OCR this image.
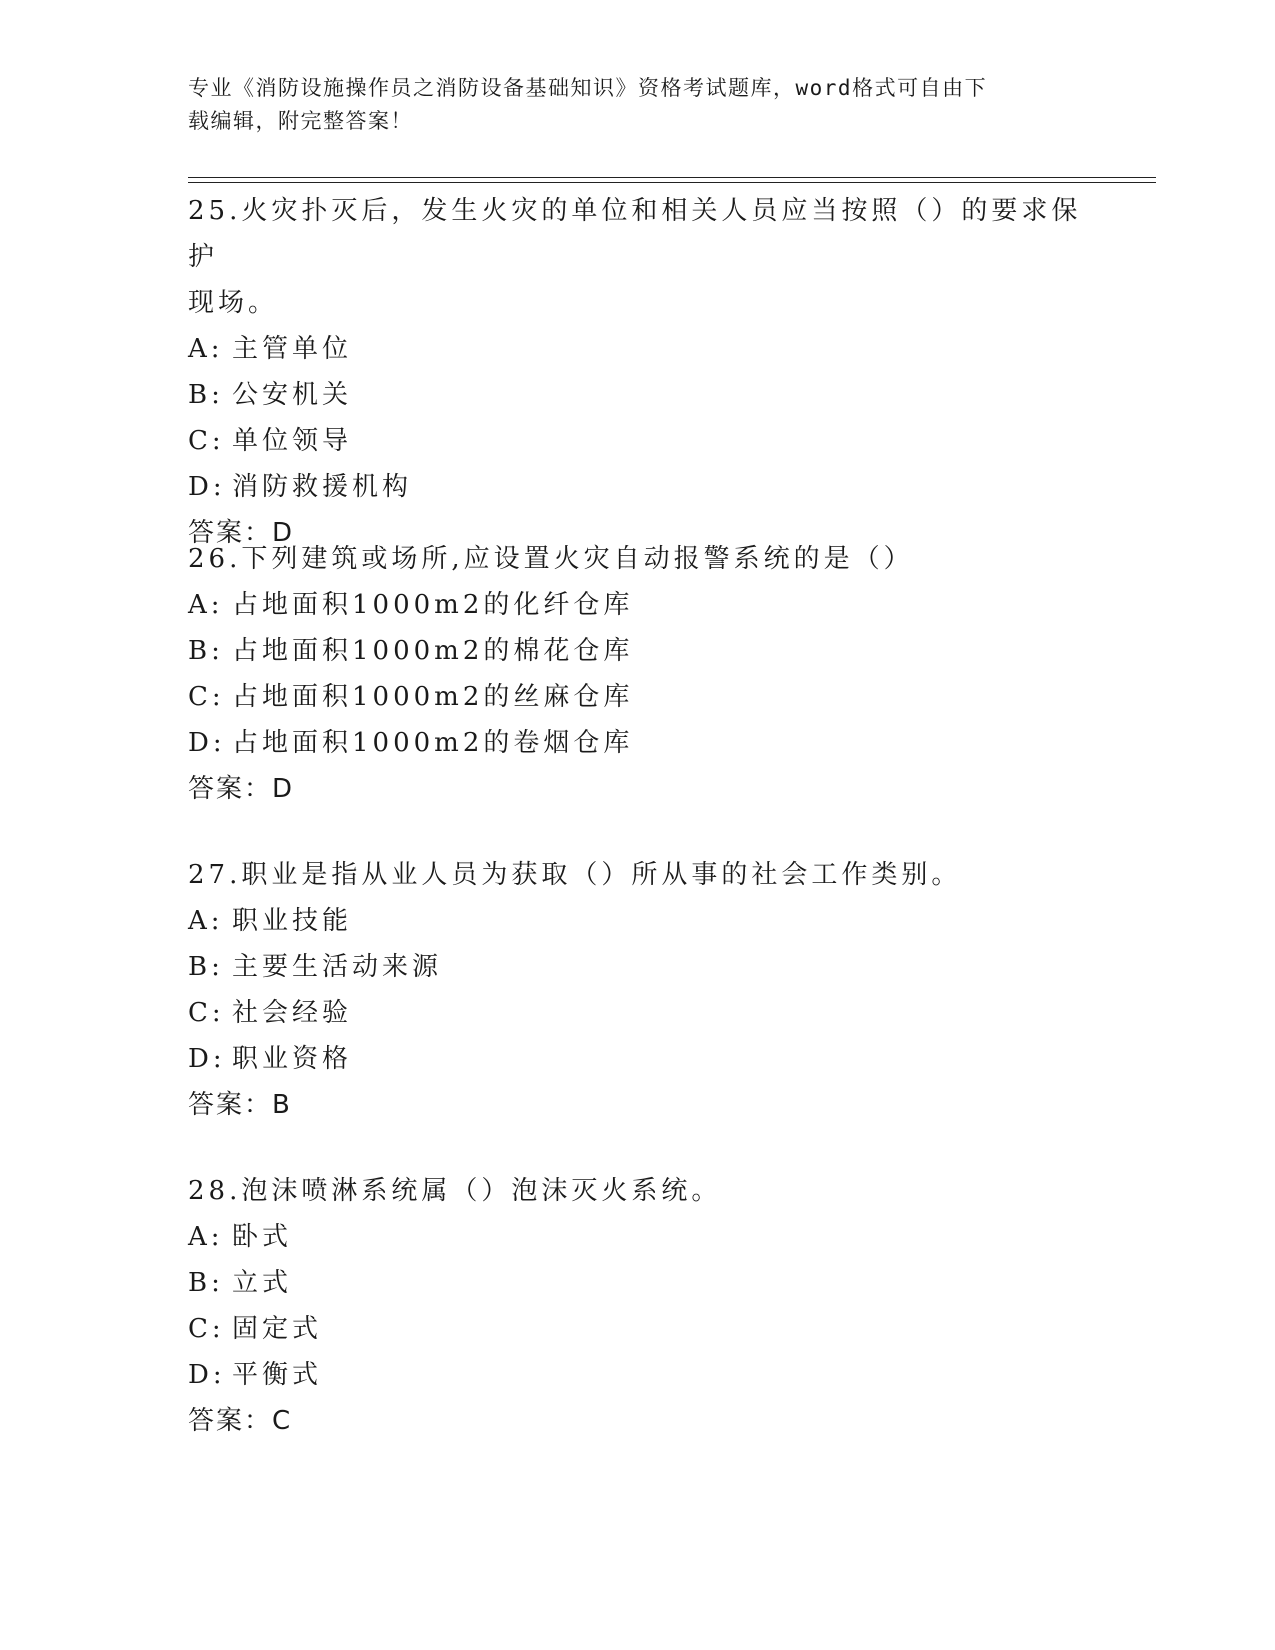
专业《消防设施操作员之消防设备基础知识》资格考试题库，word格式可自由下
载编辑，附完整答案！
25.火灾扑灭后，发生火灾的单位和相关人员应当按照（）的要求保护
现场。
A: 主管单位
B: 公安机关
C: 单位领导
D: 消防救援机构
答案：D
26.下列建筑或场所,应设置火灾自动报警系统的是（）
A: 占地面积1000m2的化纤仓库
B: 占地面积1000m2的棉花仓库
C: 占地面积1000m2的丝麻仓库
D: 占地面积1000m2的卷烟仓库
答案：D
27.职业是指从业人员为获取（）所从事的社会工作类别。
A: 职业技能
B: 主要生活动来源
C: 社会经验
D: 职业资格
答案：B
28.泡沫喷淋系统属（）泡沫灭火系统。
A: 卧式
B: 立式
C: 固定式
D: 平衡式
答案：C
